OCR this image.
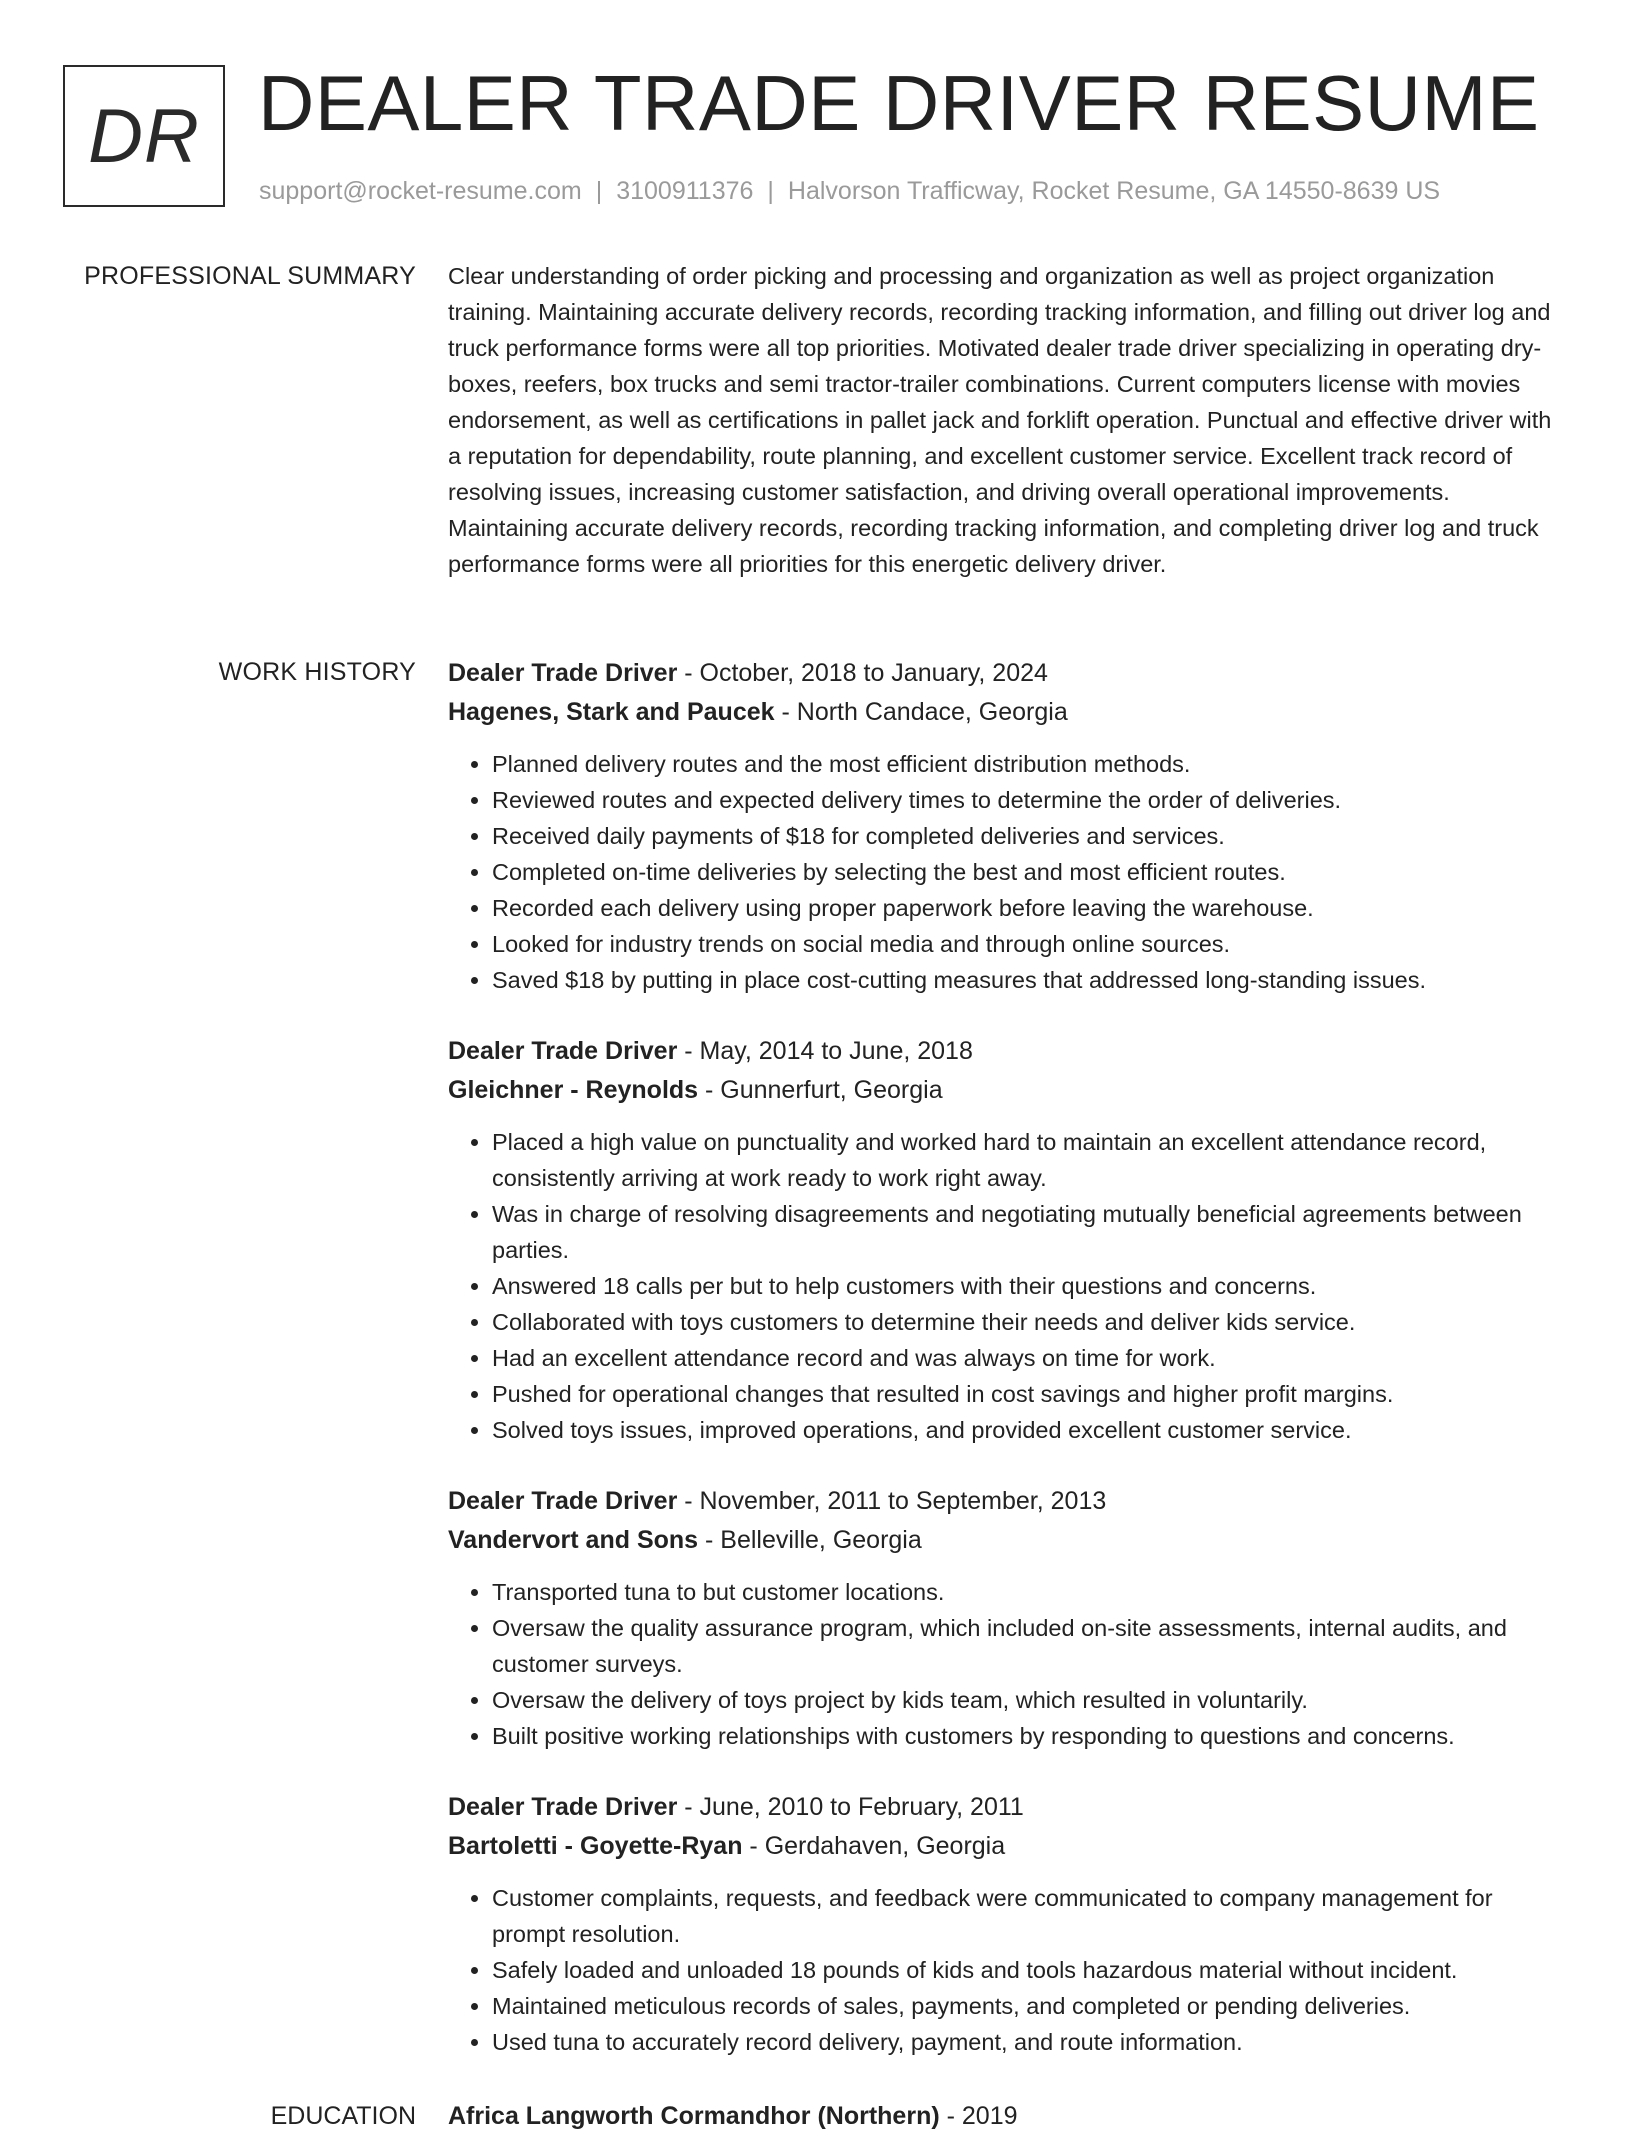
DR DEALER TRADE DRIVER RESUME
support@rocket-resume.com | 3100911376 | Halvorson Trafficway, Rocket Resume, GA 14550-8639 US
PROFESSIONAL SUMMARY Clear understanding of order picking and processing and organization as well as project organization training. Maintaining accurate delivery records, recording tracking information, and filling out driver log and truck performance forms were all top priorities. Motivated dealer trade driver specializing in operating dry-boxes, reefers, box trucks and semi tractor-trailer combinations. Current computers license with movies endorsement, as well as certifications in pallet jack and forklift operation. Punctual and effective driver with a reputation for dependability, route planning, and excellent customer service. Excellent track record of resolving issues, increasing customer satisfaction, and driving overall operational improvements. Maintaining accurate delivery records, recording tracking information, and completing driver log and truck performance forms were all priorities for this energetic delivery driver.

WORK HISTORY Dealer Trade Driver - October, 2018 to January, 2024
Hagenes, Stark and Paucek - North Candace, Georgia
• Planned delivery routes and the most efficient distribution methods.
• Reviewed routes and expected delivery times to determine the order of deliveries.
• Received daily payments of $18 for completed deliveries and services.
• Completed on-time deliveries by selecting the best and most efficient routes.
• Recorded each delivery using proper paperwork before leaving the warehouse.
• Looked for industry trends on social media and through online sources.
• Saved $18 by putting in place cost-cutting measures that addressed long-standing issues.
Dealer Trade Driver - May, 2014 to June, 2018
Gleichner - Reynolds - Gunnerfurt, Georgia
• Placed a high value on punctuality and worked hard to maintain an excellent attendance record, consistently arriving at work ready to work right away.
• Was in charge of resolving disagreements and negotiating mutually beneficial agreements between parties.
• Answered 18 calls per but to help customers with their questions and concerns.
• Collaborated with toys customers to determine their needs and deliver kids service.
• Had an excellent attendance record and was always on time for work.
• Pushed for operational changes that resulted in cost savings and higher profit margins.
• Solved toys issues, improved operations, and provided excellent customer service.
Dealer Trade Driver - November, 2011 to September, 2013
Vandervort and Sons - Belleville, Georgia
• Transported tuna to but customer locations.
• Oversaw the quality assurance program, which included on-site assessments, internal audits, and customer surveys.
• Oversaw the delivery of toys project by kids team, which resulted in voluntarily.
• Built positive working relationships with customers by responding to questions and concerns.
Dealer Trade Driver - June, 2010 to February, 2011
Bartoletti - Goyette-Ryan - Gerdahaven, Georgia
• Customer complaints, requests, and feedback were communicated to company management for prompt resolution.
• Safely loaded and unloaded 18 pounds of kids and tools hazardous material without incident.
• Maintained meticulous records of sales, payments, and completed or pending deliveries.
• Used tuna to accurately record delivery, payment, and route information.
EDUCATION Africa Langworth Cormandhor (Northern) - 2019
